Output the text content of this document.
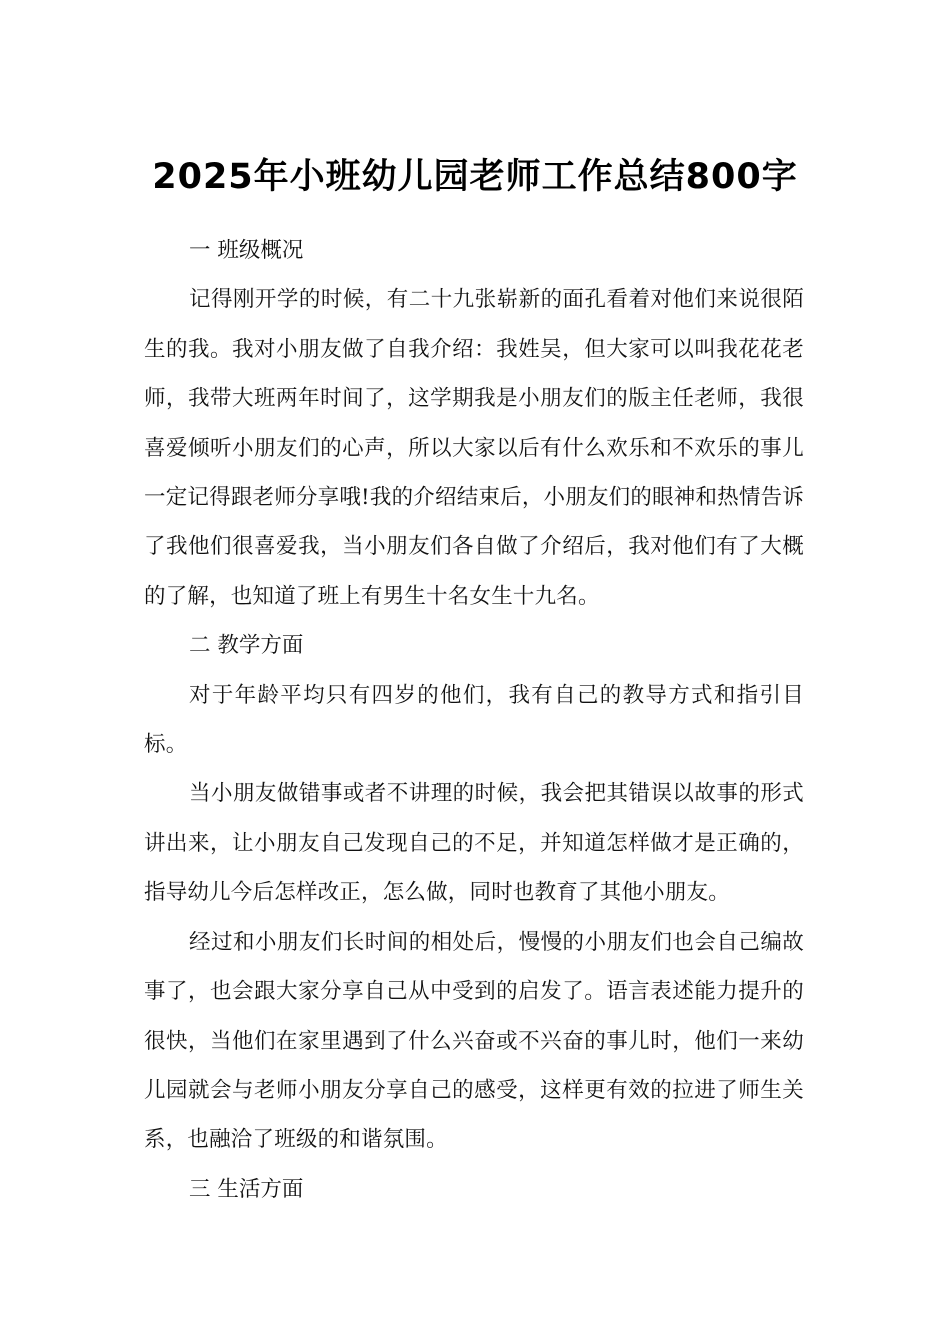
2025年小班幼儿园老师工作总结800字

一 班级概况

记得刚开学的时候，有二十九张崭新的面孔看着对他们来说很陌生的我。我对小朋友做了自我介绍：我姓吴，但大家可以叫我花花老师，我带大班两年时间了，这学期我是小朋友们的版主任老师，我很喜爱倾听小朋友们的心声，所以大家以后有什么欢乐和不欢乐的事儿一定记得跟老师分享哦!我的介绍结束后，小朋友们的眼神和热情告诉了我他们很喜爱我，当小朋友们各自做了介绍后，我对他们有了大概的了解，也知道了班上有男生十名女生十九名。

二 教学方面

对于年龄平均只有四岁的他们，我有自己的教导方式和指引目标。

当小朋友做错事或者不讲理的时候，我会把其错误以故事的形式讲出来，让小朋友自己发现自己的不足，并知道怎样做才是正确的，指导幼儿今后怎样改正，怎么做，同时也教育了其他小朋友。

经过和小朋友们长时间的相处后，慢慢的小朋友们也会自己编故事了，也会跟大家分享自己从中受到的启发了。语言表述能力提升的很快，当他们在家里遇到了什么兴奋或不兴奋的事儿时，他们一来幼儿园就会与老师小朋友分享自己的感受，这样更有效的拉进了师生关系，也融洽了班级的和谐氛围。

三 生活方面
